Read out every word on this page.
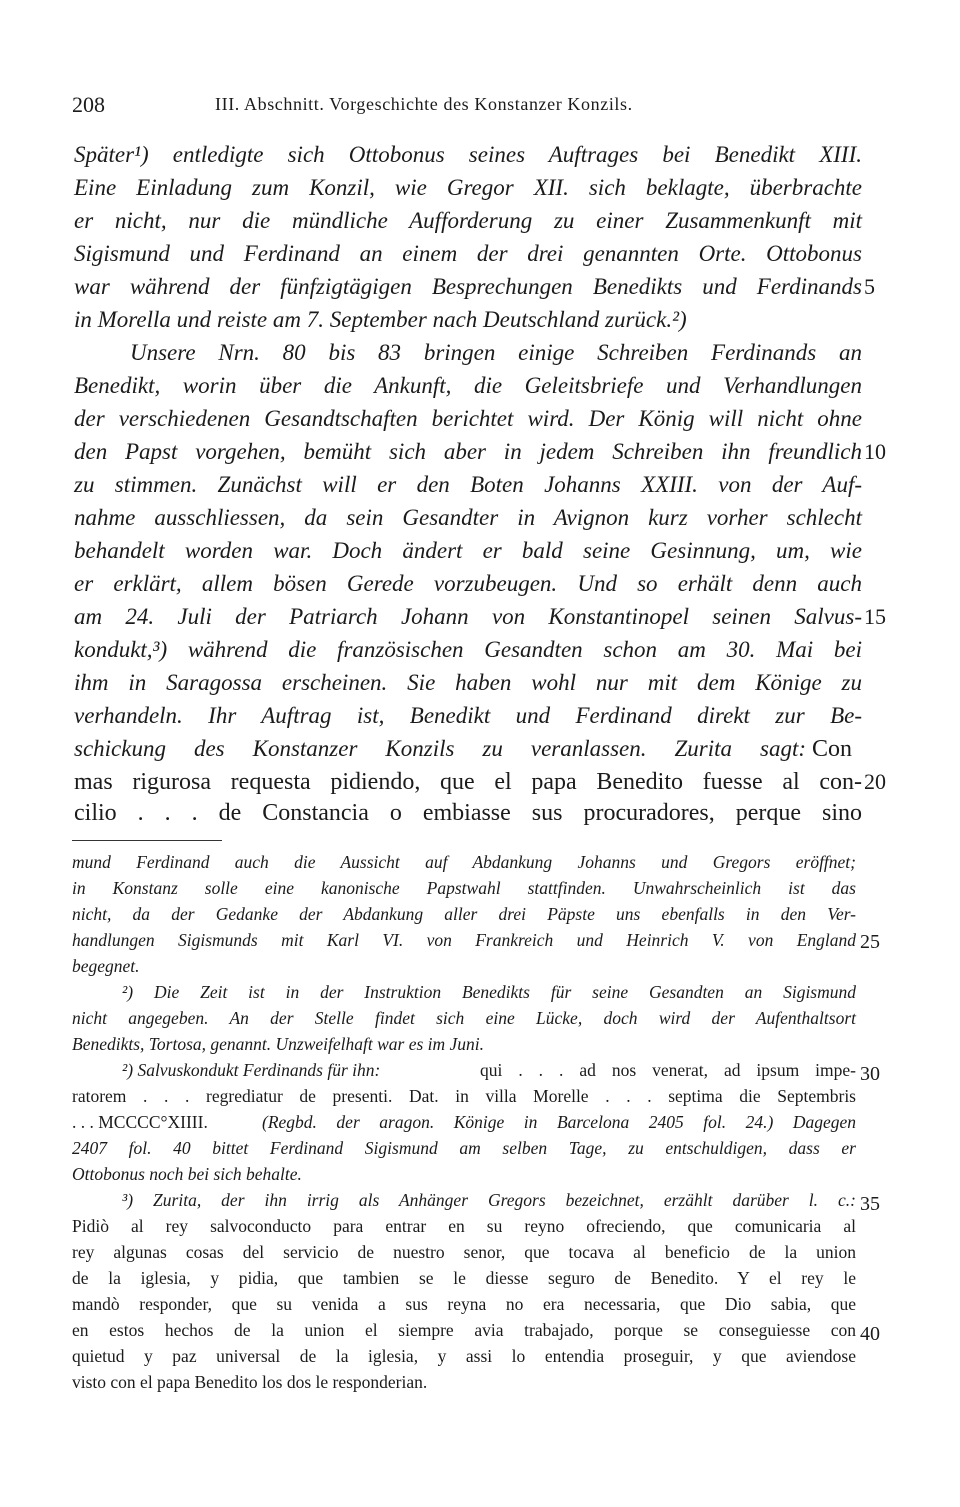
208	III. Abschnitt. Vorgeschichte des Konstanzer Konzils.
Später¹) entledigte sich Ottobonus seines Auftrages bei Benedikt XIII.
Eine Einladung zum Konzil, wie Gregor XII. sich beklagte, überbrachte
er nicht, nur die mündliche Aufforderung zu einer Zusammenkunft mit
Sigismund und Ferdinand an einem der drei genannten Orte. Ottobonus
war während der fünfzigtägigen Besprechungen Benedikts und Ferdinands 5
in Morella und reiste am 7. September nach Deutschland zurück.²)
Unsere Nrn. 80 bis 83 bringen einige Schreiben Ferdinands an
Benedikt, worin über die Ankunft, die Geleitsbriefe und Verhandlungen
der verschiedenen Gesandtschaften berichtet wird. Der König will nicht ohne
den Papst vorgehen, bemüht sich aber in jedem Schreiben ihn freundlich 10
zu stimmen. Zunächst will er den Boten Johanns XXIII. von der Auf-
nahme ausschliessen, da sein Gesandter in Avignon kurz vorher schlecht
behandelt worden war. Doch ändert er bald seine Gesinnung, um, wie
er erklärt, allem bösen Gerede vorzubeugen. Und so erhält denn auch
am 24. Juli der Patriarch Johann von Konstantinopel seinen Salvus- 15
kondukt,³) während die französischen Gesandten schon am 30. Mai bei
ihm in Saragossa erscheinen. Sie haben wohl nur mit dem Könige zu
verhandeln. Ihr Auftrag ist, Benedikt und Ferdinand direkt zur Be-
schickung des Konstanzer Konzils zu veranlassen. Zurita sagt: Con
mas rigurosa requesta pidiendo, que el papa Benedito fuesse al con- 20
cilio . . . de Constancia o embiasse sus procuradores, perque sino
mund Ferdinand auch die Aussicht auf Abdankung Johanns und Gregors eröffnet;
in Konstanz solle eine kanonische Papstwahl stattfinden. Unwahrscheinlich ist das
nicht, da der Gedanke der Abdankung aller drei Päpste uns ebenfalls in den Ver-
handlungen Sigismunds mit Karl VI. von Frankreich und Heinrich V. von England 25
begegnet.
²) Die Zeit ist in der Instruktion Benedikts für seine Gesandten an Sigismund
nicht angegeben. An der Stelle findet sich eine Lücke, doch wird der Aufenthaltsort
Benedikts, Tortosa, genannt. Unzweifelhaft war es im Juni.
²) Salvuskondukt Ferdinands für ihn:	qui . . . ad nos venerat, ad ipsum impe- 30
ratorem . . . regrediatur de presenti. Dat. in villa Morelle . . . septima die Septembris
. . . MCCCC°XIIII.	(Regbd. der aragon. Könige in Barcelona 2405 fol. 24.) Dagegen
2407 fol. 40 bittet Ferdinand Sigismund am selben Tage, zu entschuldigen, dass er
Ottobonus noch bei sich behalte.
³) Zurita, der ihn irrig als Anhänger Gregors bezeichnet, erzählt darüber l. c.: 35
Pidiò al rey salvoconducto para entrar en su reyno ofreciendo, que comunicaria al
rey algunas cosas del servicio de nuestro senor, que tocava al beneficio de la union
de la iglesia, y pidia, que tambien se le diesse seguro de Benedito. Y el rey le
mandò responder, que su venida a sus reyna no era necessaria, que Dio sabia, que
en estos hechos de la union el siempre avia trabajado, porque se conseguiesse con 40
quietud y paz universal de la iglesia, y assi lo entendia proseguir, y que aviendose
visto con el papa Benedito los dos le responderian.
